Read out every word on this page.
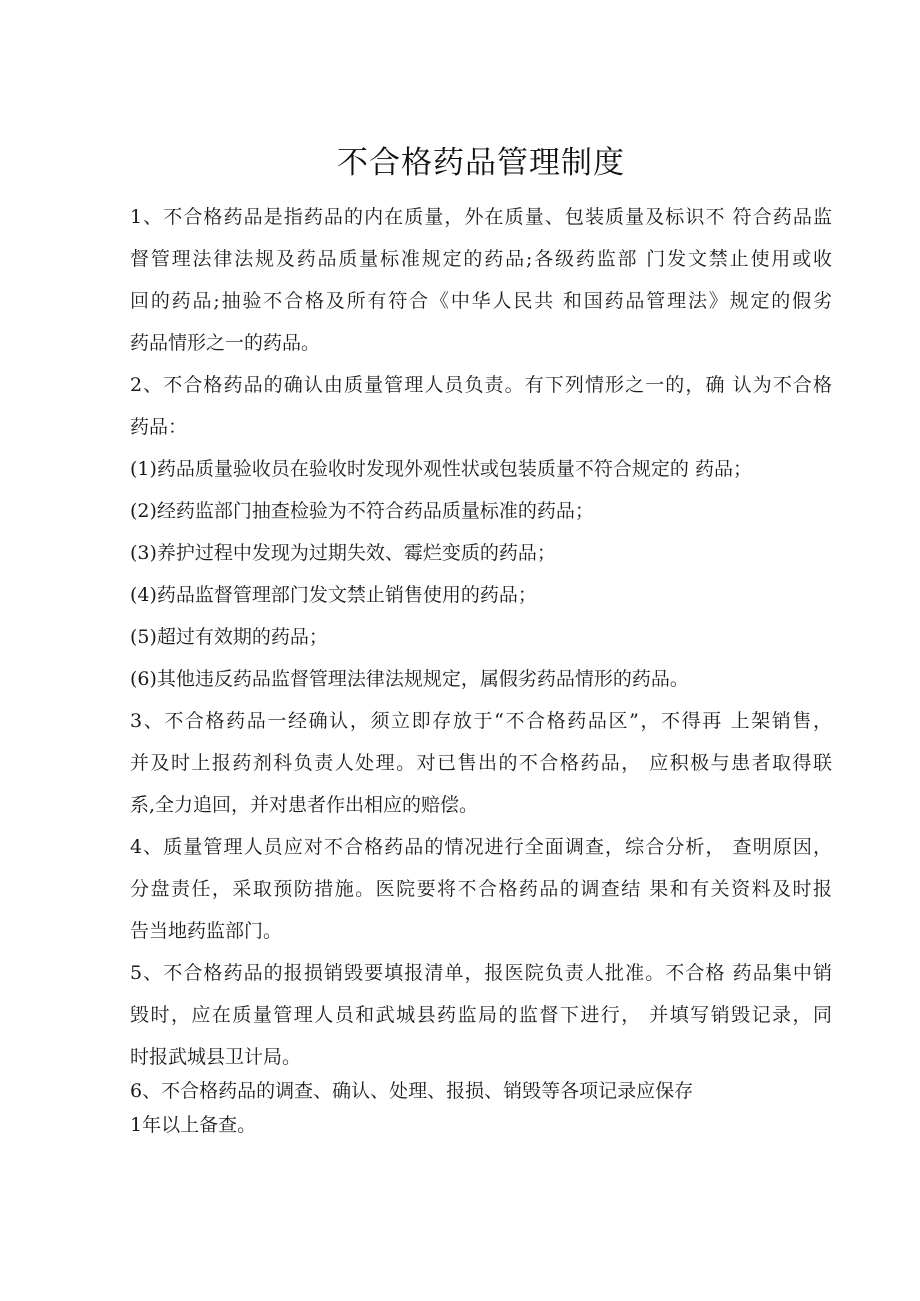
不合格药品管理制度
1、不合格药品是指药品的内在质量，外在质量、包装质量及标识不 符合药品监
督管理法律法规及药品质量标准规定的药品;各级药监部 门发文禁止使用或收
回的药品;抽验不合格及所有符合《中华人民共 和国药品管理法》规定的假劣
药品情形之一的药品。
2、不合格药品的确认由质量管理人员负责。有下列情形之一的，确 认为不合格
药品：
(1)药品质量验收员在验收时发现外观性状或包装质量不符合规定的 药品；
(2)经药监部门抽查检验为不符合药品质量标准的药品；
(3)养护过程中发现为过期失效、霉烂变质的药品；
(4)药品监督管理部门发文禁止销售使用的药品；
(5)超过有效期的药品；
(6)其他违反药品监督管理法律法规规定，属假劣药品情形的药品。
3、不合格药品一经确认，须立即存放于“不合格药品区”，不得再 上架销售，
并及时上报药剂科负责人处理。对已售出的不合格药品， 应积极与患者取得联
系,全力追回，并对患者作出相应的赔偿。
4、质量管理人员应对不合格药品的情况进行全面调查，综合分析， 查明原因，
分盘责任，采取预防措施。医院要将不合格药品的调查结 果和有关资料及时报
告当地药监部门。
5、不合格药品的报损销毁要填报清单，报医院负责人批准。不合格 药品集中销
毁时，应在质量管理人员和武城县药监局的监督下进行， 并填写销毁记录，同
时报武城县卫计局。
6、不合格药品的调查、确认、处理、报损、销毁等各项记录应保存
1年以上备查。
